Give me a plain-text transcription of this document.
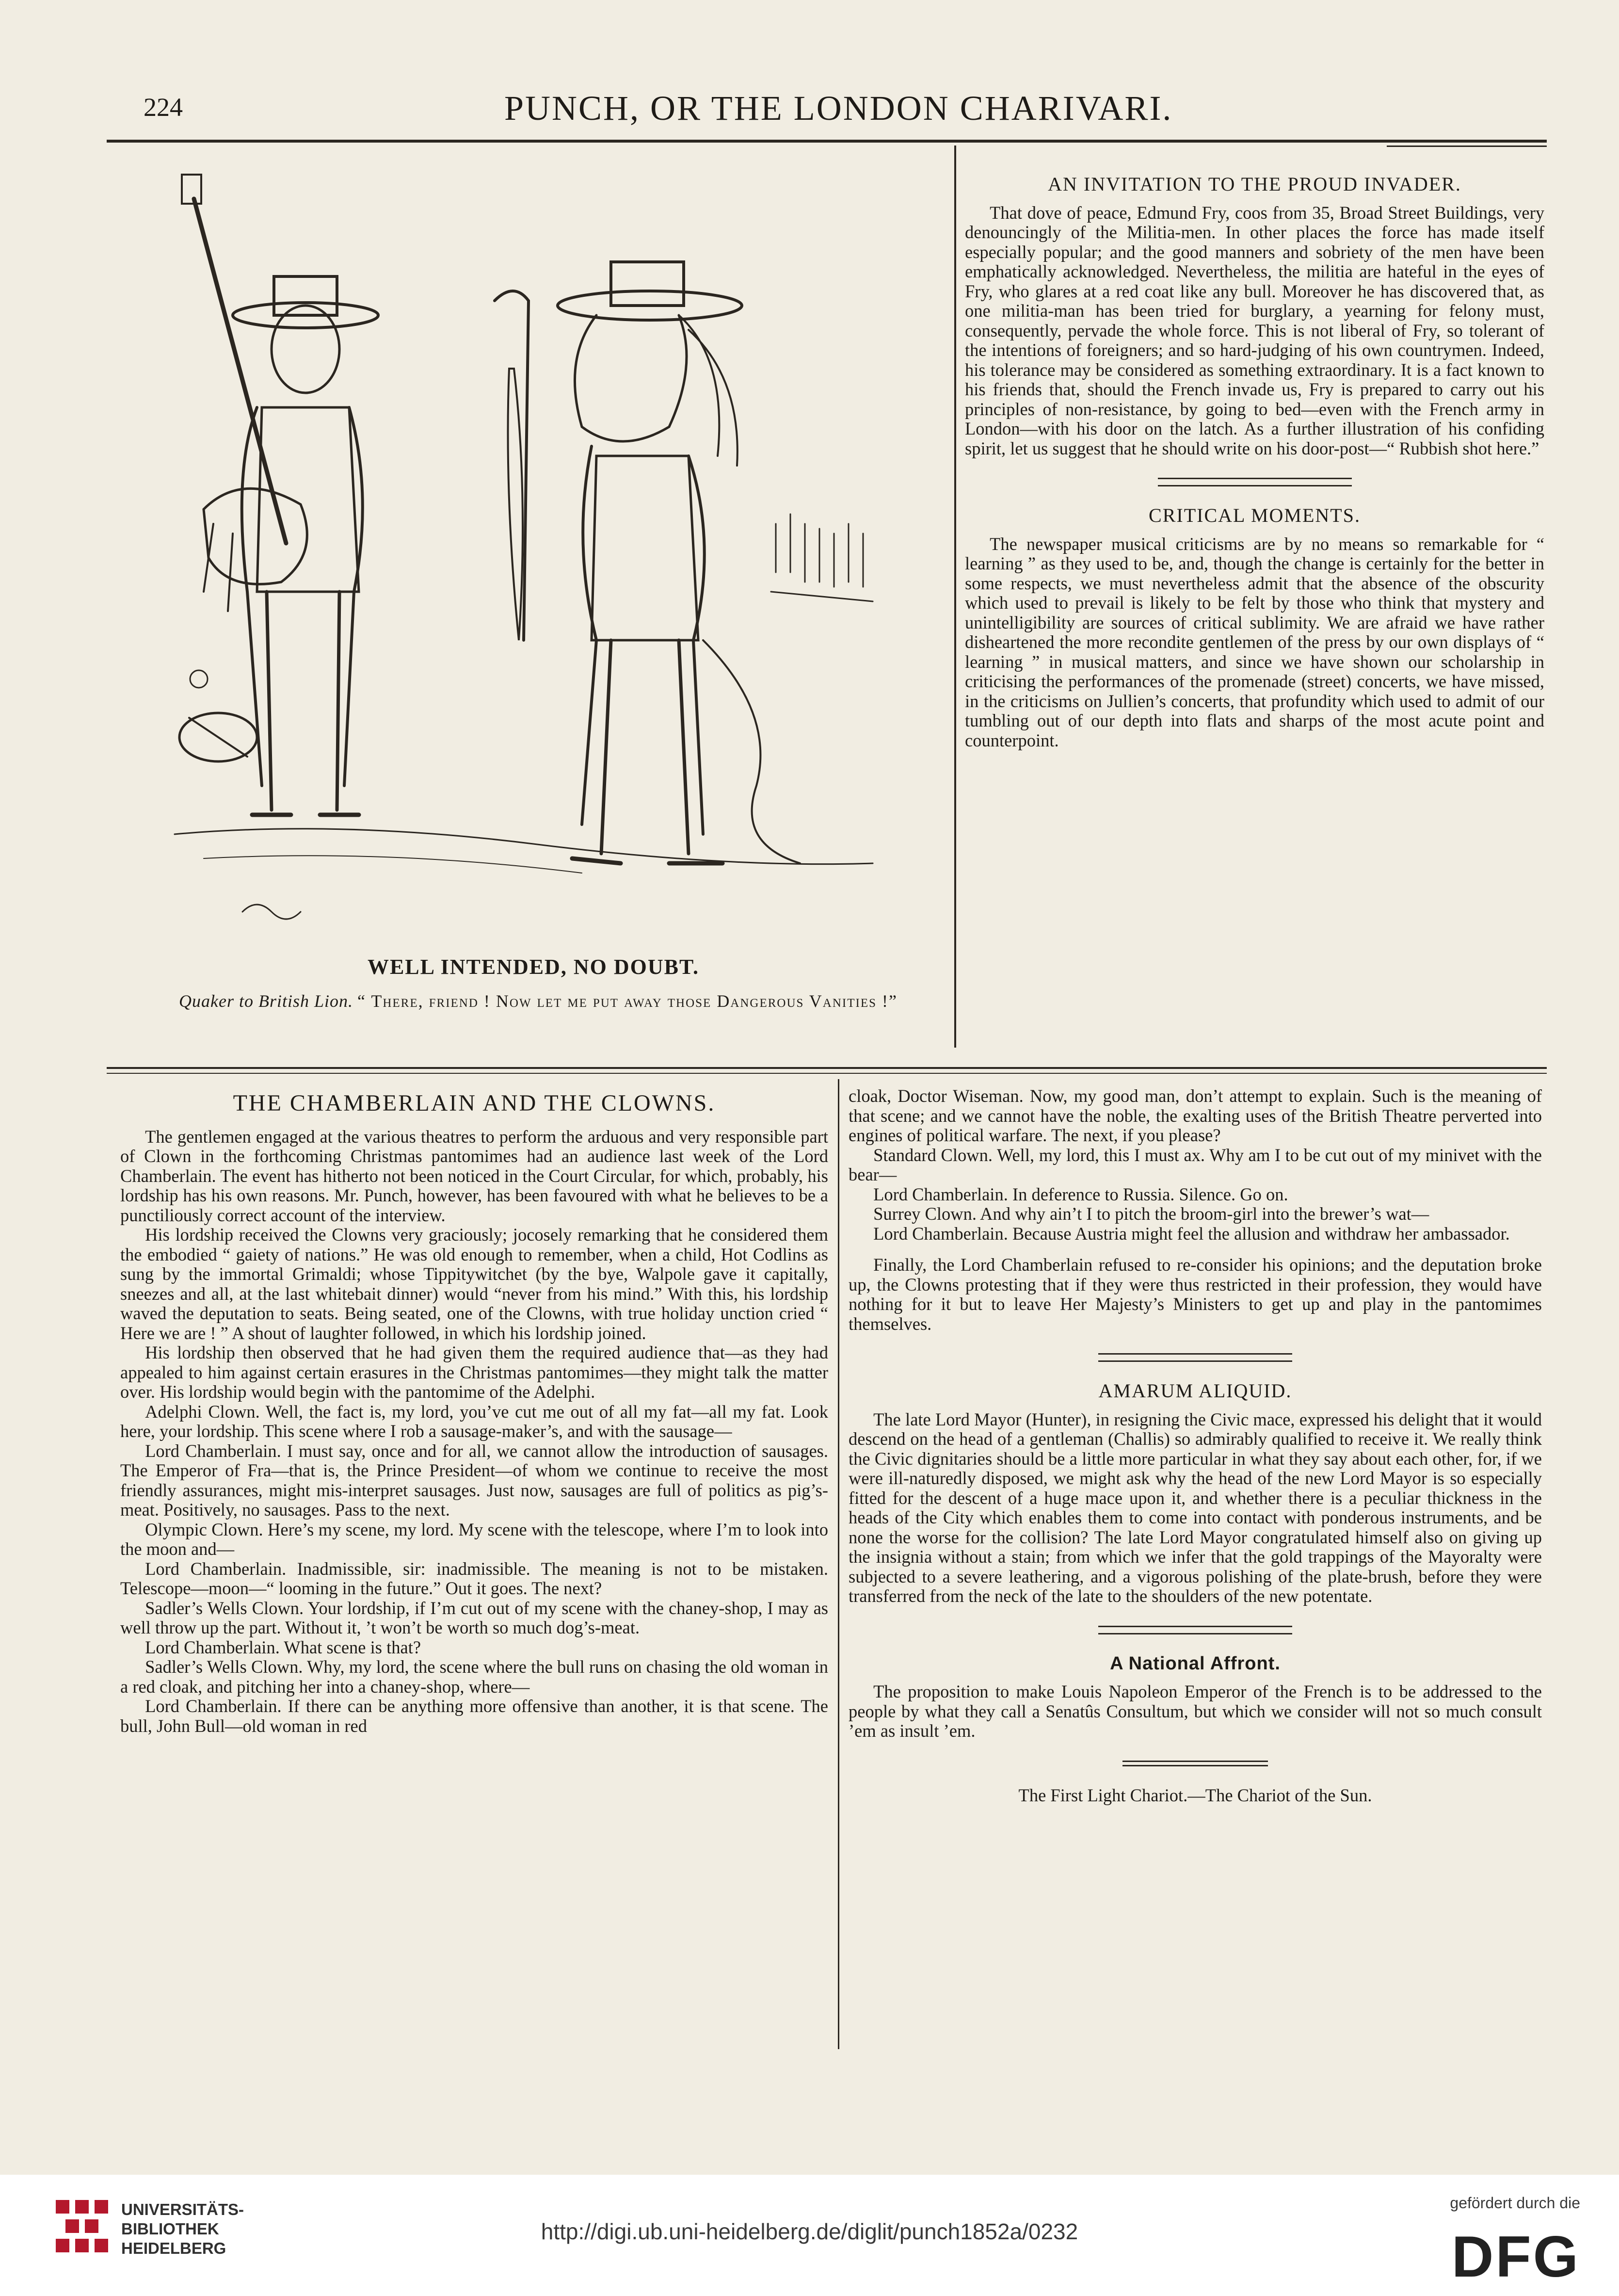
224	PUNCH, OR THE LONDON CHARIVARI.
WELL INTENDED, NO DOUBT.
Quaker to British Lion. “ There, friend ! Now let me put away those Dangerous Vanities !”
AN INVITATION TO THE PROUD INVADER.

That dove of peace, Edmund Fry, coos from 35, Broad Street Buildings, very denouncingly of the Militia-men. In other places the force has made itself especially popular; and the good manners and sobriety of the men have been emphatically acknowledged. Nevertheless, the militia are hateful in the eyes of Fry, who glares at a red coat like any bull. Moreover he has discovered that, as one militia-man has been tried for burglary, a yearning for felony must, consequently, pervade the whole force. This is not liberal of Fry, so tolerant of the intentions of foreigners; and so hard-judging of his own countrymen. Indeed, his tolerance may be considered as something extraordinary. It is a fact known to his friends that, should the French invade us, Fry is prepared to carry out his principles of non-resistance, by going to bed—even with the French army in London—with his door on the latch. As a further illustration of his confiding spirit, let us suggest that he should write on his door-post—“ Rubbish shot here.”

CRITICAL MOMENTS.

The newspaper musical criticisms are by no means so remarkable for “ learning ” as they used to be, and, though the change is certainly for the better in some respects, we must nevertheless admit that the absence of the obscurity which used to prevail is likely to be felt by those who think that mystery and unintelligibility are sources of critical sublimity. We are afraid we have rather disheartened the more recondite gentlemen of the press by our own displays of “ learning ” in musical matters, and since we have shown our scholarship in criticising the performances of the promenade (street) concerts, we have missed, in the criticisms on Jullien’s concerts, that profundity which used to admit of our tumbling out of our depth into flats and sharps of the most acute point and counterpoint.

THE CHAMBERLAIN AND THE CLOWNS.

The gentlemen engaged at the various theatres to perform the arduous and very responsible part of Clown in the forthcoming Christmas pantomimes had an audience last week of the Lord Chamberlain. The event has hitherto not been noticed in the Court Circular, for which, probably, his lordship has his own reasons. Mr. Punch, however, has been favoured with what he believes to be a punctiliously correct account of the interview.

His lordship received the Clowns very graciously; jocosely remarking that he considered them the embodied “ gaiety of nations.” He was old enough to remember, when a child, Hot Codlins as sung by the immortal Grimaldi; whose Tippitywitchet (by the bye, Walpole gave it capitally, sneezes and all, at the last whitebait dinner) would “never from his mind.” With this, his lordship waved the deputation to seats. Being seated, one of the Clowns, with true holiday unction cried “ Here we are ! ” A shout of laughter followed, in which his lordship joined.

His lordship then observed that he had given them the required audience that—as they had appealed to him against certain erasures in the Christmas pantomimes—they might talk the matter over. His lordship would begin with the pantomime of the Adelphi.

Adelphi Clown. Well, the fact is, my lord, you’ve cut me out of all my fat—all my fat. Look here, your lordship. This scene where I rob a sausage-maker’s, and with the sausage—

Lord Chamberlain. I must say, once and for all, we cannot allow the introduction of sausages. The Emperor of Fra—that is, the Prince President—of whom we continue to receive the most friendly assurances, might mis-interpret sausages. Just now, sausages are full of politics as pig’s-meat. Positively, no sausages. Pass to the next.

Olympic Clown. Here’s my scene, my lord. My scene with the telescope, where I’m to look into the moon and—

Lord Chamberlain. Inadmissible, sir: inadmissible. The meaning is not to be mistaken. Telescope—moon—“ looming in the future.” Out it goes. The next?

Sadler’s Wells Clown. Your lordship, if I’m cut out of my scene with the chaney-shop, I may as well throw up the part. Without it, ’t won’t be worth so much dog’s-meat.

Lord Chamberlain. What scene is that?

Sadler’s Wells Clown. Why, my lord, the scene where the bull runs on chasing the old woman in a red cloak, and pitching her into a chaney-shop, where—

Lord Chamberlain. If there can be anything more offensive than another, it is that scene. The bull, John Bull—old woman in red

cloak, Doctor Wiseman. Now, my good man, don’t attempt to explain. Such is the meaning of that scene; and we cannot have the noble, the exalting uses of the British Theatre perverted into engines of political warfare. The next, if you please?

Standard Clown. Well, my lord, this I must ax. Why am I to be cut out of my minivet with the bear—

Lord Chamberlain. In deference to Russia. Silence. Go on.

Surrey Clown. And why ain’t I to pitch the broom-girl into the brewer’s wat—

Lord Chamberlain. Because Austria might feel the allusion and withdraw her ambassador.

Finally, the Lord Chamberlain refused to re-consider his opinions; and the deputation broke up, the Clowns protesting that if they were thus restricted in their profession, they would have nothing for it but to leave Her Majesty’s Ministers to get up and play in the pantomimes themselves.

AMARUM ALIQUID.

The late Lord Mayor (Hunter), in resigning the Civic mace, expressed his delight that it would descend on the head of a gentleman (Challis) so admirably qualified to receive it. We really think the Civic dignitaries should be a little more particular in what they say about each other, for, if we were ill-naturedly disposed, we might ask why the head of the new Lord Mayor is so especially fitted for the descent of a huge mace upon it, and whether there is a peculiar thickness in the heads of the City which enables them to come into contact with ponderous instruments, and be none the worse for the collision? The late Lord Mayor congratulated himself also on giving up the insignia without a stain; from which we infer that the gold trappings of the Mayoralty were subjected to a severe leathering, and a vigorous polishing of the plate-brush, before they were transferred from the neck of the late to the shoulders of the new potentate.

A National Affront.

The proposition to make Louis Napoleon Emperor of the French is to be addressed to the people by what they call a Senatûs Consultum, but which we consider will not so much consult ’em as insult ’em.

The First Light Chariot.—The Chariot of the Sun.

UNIVERSITÄTS-
BIBLIOTHEK
HEIDELBERG
http://digi.ub.uni-heidelberg.de/diglit/punch1852a/0232
gefördert durch die
DFG
